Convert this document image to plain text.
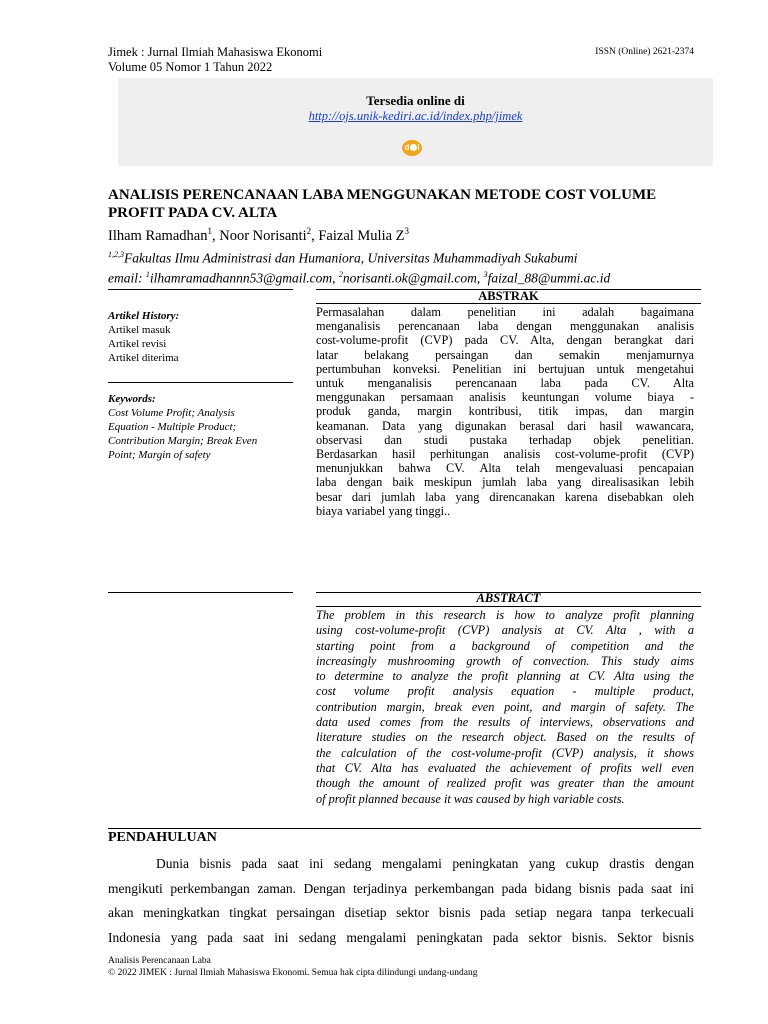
Jimek : Jurnal Ilmiah Mahasiswa Ekonomi
Volume 05 Nomor 1 Tahun 2022
ISSN (Online) 2621-2374
Tersedia online di
http://ojs.unik-kediri.ac.id/index.php/jimek
d i
ANALISIS PERENCANAAN LABA MENGGUNAKAN METODE COST VOLUME PROFIT PADA CV. ALTA
Ilham Ramadhan$^1$, Noor Norisanti$^2$, Faizal Mulia $Z^3$
$^{1,2,3}$Fakultas Ilmu Administrasi dan Humaniora, Universitas Muhammadiyah Sukabumi
email: $^1$ilhamramadhannn53@gmail.com, $^2$norisanti.ok@gmail.com, $^3$faizal_88@ummi.ac.id
Artikel History:
Artikel masuk
Artikel revisi
Artikel diterima
Keywords:
Cost Volume Profit; Analysis Equation - Multiple Product; Contribution Margin; Break Even Point; Margin of safety
ABSTRAK
Permasalahan dalam penelitian ini adalah bagaimana
menganalisis perencanaan laba dengan menggunakan analisis
cost-volume-profit (CVP) pada CV. Alta, dengan berangkat dari
latar belakang persaingan dan semakin menjamurnya
pertumbuhan konveksi. Penelitian ini bertujuan untuk mengetahui
untuk menganalisis perencanaan laba pada CV. Alta
menggunakan persamaan analisis keuntungan volume biaya -
produk ganda, margin kontribusi, titik impas, dan margin
keamanan. Data yang digunakan berasal dari hasil wawancara,
observasi dan studi pustaka terhadap objek penelitian.
Berdasarkan hasil perhitungan analisis cost-volume-profit (CVP)
menunjukkan bahwa CV. Alta telah mengevaluasi pencapaian
laba dengan baik meskipun jumlah laba yang direalisasikan lebih
besar dari jumlah laba yang direncanakan karena disebabkan oleh
biaya variabel yang tinggi..
ABSTRACT
The problem in this research is how to analyze profit planning
using cost-volume-profit (CVP) analysis at CV. Alta , with a
starting point from a background of competition and the
increasingly mushrooming growth of convection. This study aims
to determine to analyze the profit planning at CV. Alta using the
cost volume profit analysis equation - multiple product,
contribution margin, break even point, and margin of safety. The
data used comes from the results of interviews, observations and
literature studies on the research object. Based on the results of
the calculation of the cost-volume-profit (CVP) analysis, it shows
that CV. Alta has evaluated the achievement of profits well even
though the amount of realized profit was greater than the amount
of profit planned because it was caused by high variable costs.
PENDAHULUAN
Dunia bisnis pada saat ini sedang mengalami peningkatan yang cukup drastis dengan
mengikuti perkembangan zaman. Dengan terjadinya perkembangan pada bidang bisnis pada saat ini
akan meningkatkan tingkat persaingan disetiap sektor bisnis pada setiap negara tanpa terkecuali
Indonesia yang pada saat ini sedang mengalami peningkatan pada sektor bisnis. Sektor bisnis
Analisis Perencanaan Laba
© 2022 JIMEK : Jurnal Ilmiah Mahasiswa Ekonomi. Semua hak cipta dilindungi undang-undang
